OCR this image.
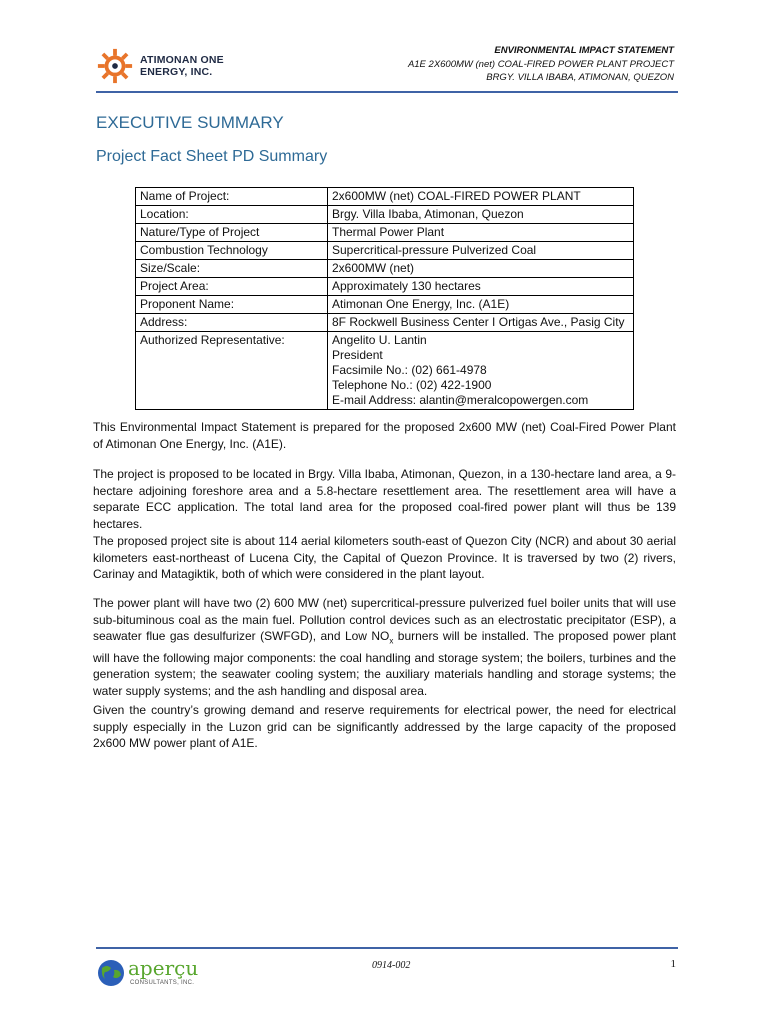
ATIMONAN ONE
ENERGY, INC.
ENVIRONMENTAL IMPACT STATEMENT
A1E 2X600MW (net) COAL-FIRED POWER PLANT PROJECT
BRGY. VILLA IBABA, ATIMONAN, QUEZON
EXECUTIVE SUMMARY
Project Fact Sheet PD Summary
Name of Project:	2x600MW (net) COAL-FIRED POWER PLANT
Location:	Brgy. Villa Ibaba, Atimonan, Quezon
Nature/Type of Project	Thermal Power Plant
Combustion Technology	Supercritical-pressure Pulverized Coal
Size/Scale:	2x600MW (net)
Project Area:	Approximately 130 hectares
Proponent Name:	Atimonan One Energy, Inc. (A1E)
Address:	8F Rockwell Business Center I Ortigas Ave., Pasig City
Authorized Representative:	Angelito U. Lantin
President
Facsimile No.: (02) 661-4978
Telephone No.: (02) 422-1900
E-mail Address: alantin@meralcopowergen.com

This Environmental Impact Statement is prepared for the proposed 2x600 MW (net) Coal-Fired Power Plant of Atimonan One Energy, Inc. (A1E).

The project is proposed to be located in Brgy. Villa Ibaba, Atimonan, Quezon, in a 130-hectare land area, a 9-hectare adjoining foreshore area and a 5.8-hectare resettlement area. The resettlement area will have a separate ECC application. The total land area for the proposed coal-fired power plant will thus be 139 hectares.

The proposed project site is about 114 aerial kilometers south-east of Quezon City (NCR) and about 30 aerial kilometers east-northeast of Lucena City, the Capital of Quezon Province. It is traversed by two (2) rivers, Carinay and Matagiktik, both of which were considered in the plant layout.

The power plant will have two (2) 600 MW (net) supercritical-pressure pulverized fuel boiler units that will use sub-bituminous coal as the main fuel. Pollution control devices such as an electrostatic precipitator (ESP), a seawater flue gas desulfurizer (SWFGD), and Low $NO_x$ burners will be installed. The proposed power plant will have the following major components: the coal handling and storage system; the boilers, turbines and the generation system; the seawater cooling system; the auxiliary materials handling and storage systems; the water supply systems; and the ash handling and disposal area.

Given the country’s growing demand and reserve requirements for electrical power, the need for electrical supply especially in the Luzon grid can be significantly addressed by the large capacity of the proposed 2x600 MW power plant of A1E.

aperçu
CONSULTANTS, INC.
0914-002	1
